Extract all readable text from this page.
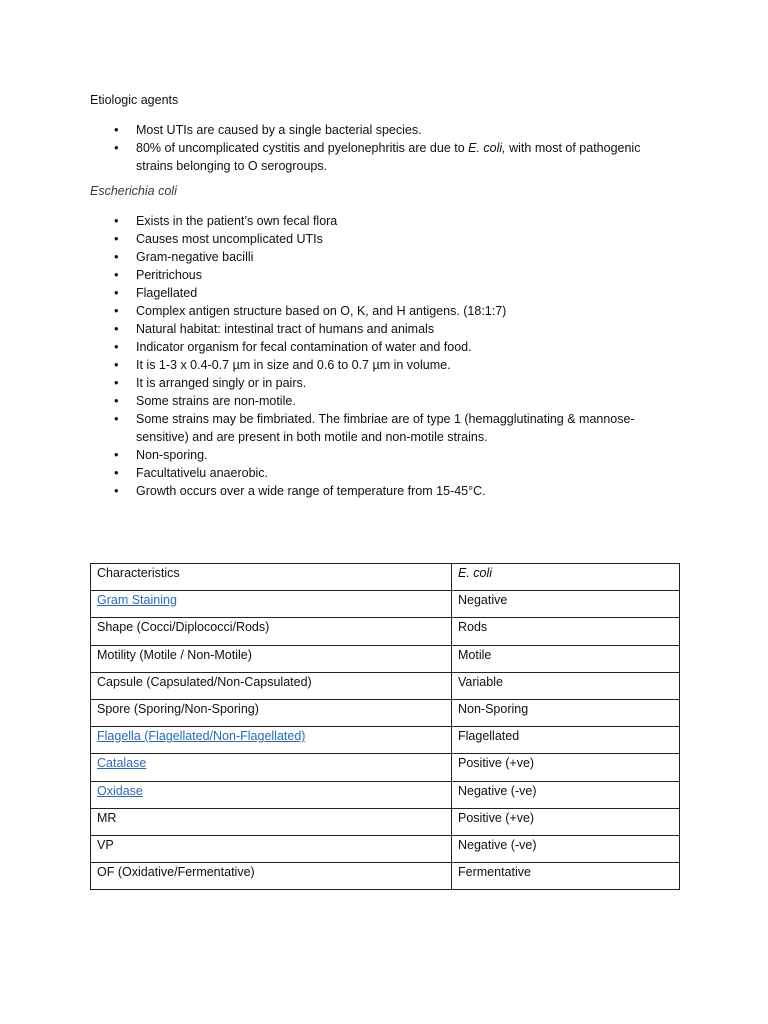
Etiologic agents
• Most UTIs are caused by a single bacterial species.
• 80% of uncomplicated cystitis and pyelonephritis are due to E. coli, with most of pathogenic strains belonging to O serogroups.
Escherichia coli
• Exists in the patient’s own fecal flora
• Causes most uncomplicated UTIs
• Gram-negative bacilli
• Peritrichous
• Flagellated
• Complex antigen structure based on O, K, and H antigens. (18:1:7)
• Natural habitat: intestinal tract of humans and animals
• Indicator organism for fecal contamination of water and food.
• It is 1-3 x 0.4-0.7 µm in size and 0.6 to 0.7 µm in volume.
• It is arranged singly or in pairs.
• Some strains are non-motile.
• Some strains may be fimbriated. The fimbriae are of type 1 (hemagglutinating & mannose-sensitive) and are present in both motile and non-motile strains.
• Non-sporing.
• Facultativelu anaerobic.
• Growth occurs over a wide range of temperature from 15-45°C.
Characteristics	E. coli
Gram Staining	Negative
Shape (Cocci/Diplococci/Rods)	Rods
Motility (Motile / Non-Motile)	Motile
Capsule (Capsulated/Non-Capsulated)	Variable
Spore (Sporing/Non-Sporing)	Non-Sporing
Flagella (Flagellated/Non-Flagellated)	Flagellated
Catalase	Positive (+ve)
Oxidase	Negative (-ve)
MR	Positive (+ve)
VP	Negative (-ve)
OF (Oxidative/Fermentative)	Fermentative
